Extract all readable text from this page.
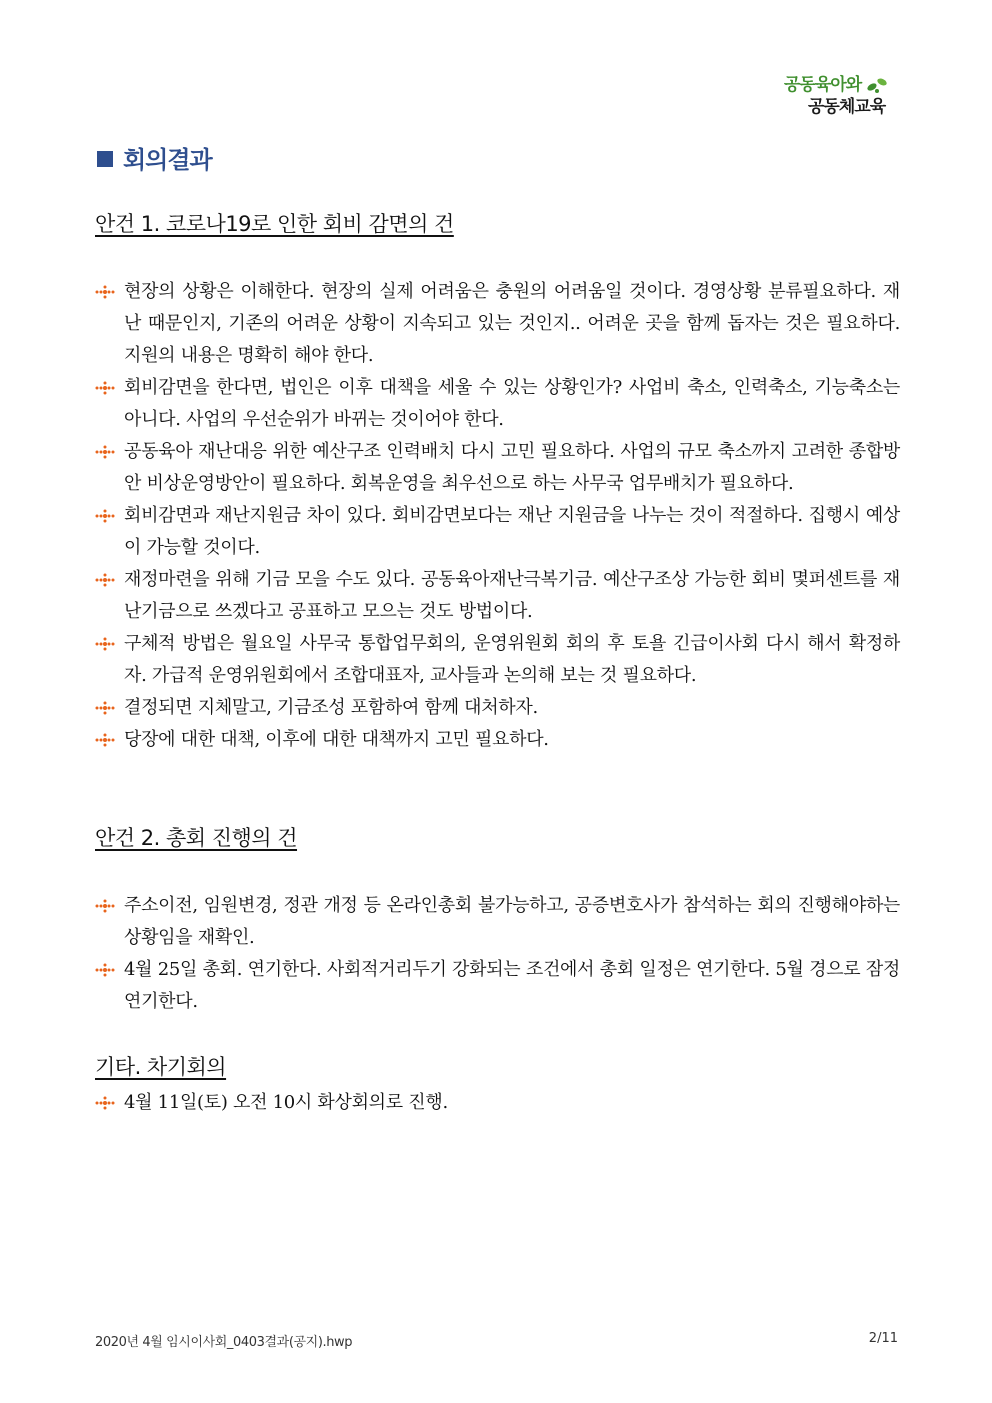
공동육아와
공동체교육
회의결과
안건 1. 코로나19로 인한 회비 감면의 건
현장의 상황은 이해한다. 현장의 실제 어려움은 충원의 어려움일 것이다. 경영상황 분류필요하다. 재난 때문인지, 기존의 어려운 상황이 지속되고 있는 것인지.. 어려운 곳을 함께 돕자는 것은 필요하다. 지원의 내용은 명확히 해야 한다.
회비감면을 한다면, 법인은 이후 대책을 세울 수 있는 상황인가? 사업비 축소, 인력축소, 기능축소는 아니다. 사업의 우선순위가 바뀌는 것이어야 한다.
공동육아 재난대응 위한 예산구조 인력배치 다시 고민 필요하다. 사업의 규모 축소까지 고려한 종합방안 비상운영방안이 필요하다. 회복운영을 최우선으로 하는 사무국 업무배치가 필요하다.
회비감면과 재난지원금 차이 있다. 회비감면보다는 재난 지원금을 나누는 것이 적절하다. 집행시 예상이 가능할 것이다.
재정마련을 위해 기금 모을 수도 있다. 공동육아재난극복기금. 예산구조상 가능한 회비 몇퍼센트를 재난기금으로 쓰겠다고 공표하고 모으는 것도 방법이다.
구체적 방법은 월요일 사무국 통합업무회의, 운영위원회 회의 후 토욜 긴급이사회 다시 해서 확정하자. 가급적 운영위원회에서 조합대표자, 교사들과 논의해 보는 것 필요하다.
결정되면 지체말고, 기금조성 포함하여 함께 대처하자.
당장에 대한 대책, 이후에 대한 대책까지 고민 필요하다.
안건 2. 총회 진행의 건
주소이전, 임원변경, 정관 개정 등 온라인총회 불가능하고, 공증변호사가 참석하는 회의 진행해야하는 상황임을 재확인.
4월 25일 총회. 연기한다. 사회적거리두기 강화되는 조건에서 총회 일정은 연기한다. 5월 경으로 잠정 연기한다.
기타. 차기회의
4월 11일(토) 오전 10시 화상회의로 진행.
2020년 4월 임시이사회_0403결과(공지).hwp	2/11
